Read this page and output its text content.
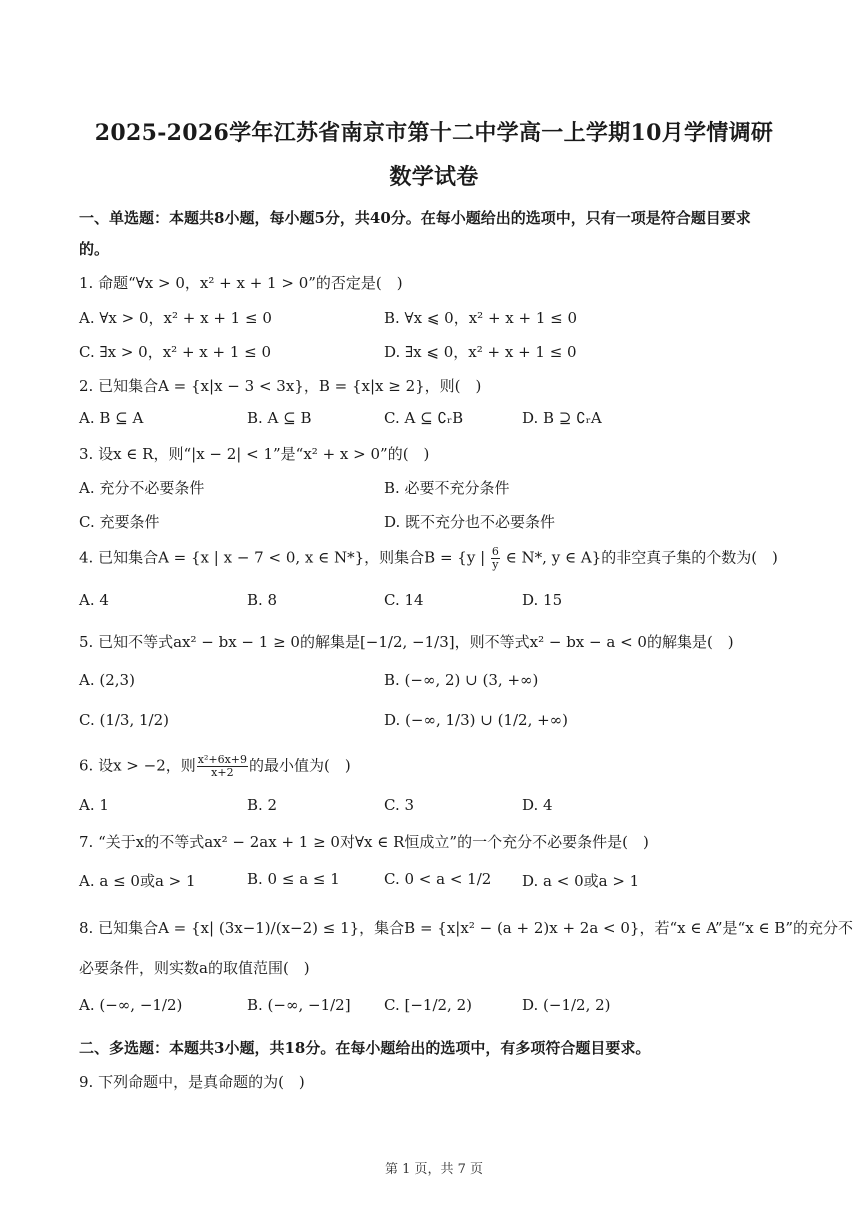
2025-2026学年江苏省南京市第十二中学高一上学期10月学情调研
数学试卷
一、单选题：本题共8小题，每小题5分，共40分。在每小题给出的选项中，只有一项是符合题目要求
的。
1. 命题“∀x > 0，x² + x + 1 > 0”的否定是(　)
A. ∀x > 0，x² + x + 1 ≤ 0	B. ∀x ⩽ 0，x² + x + 1 ≤ 0
C. ∃x > 0，x² + x + 1 ≤ 0	D. ∃x ⩽ 0，x² + x + 1 ≤ 0
2. 已知集合A = {x|x − 3 < 3x}，B = {x|x ≥ 2}，则(　)
A. B ⊆ A	B. A ⊆ B	C. A ⊆ ∁ᵣB	D. B ⊇ ∁ᵣA
3. 设x ∈ R，则“|x − 2| < 1”是“x² + x > 0”的(　)
A. 充分不必要条件	B. 必要不充分条件
C. 充要条件	D. 既不充分也不必要条件
4. 已知集合A = {x | x − 7 < 0, x ∈ N*}，则集合B = {y | $\frac{6}{y}$ ∈ N*, y ∈ A}的非空真子集的个数为(　)
A. 4	B. 8	C. 14	D. 15
5. 已知不等式ax² − bx − 1 ≥ 0的解集是[−1/2, −1/3]，则不等式x² − bx − a < 0的解集是(　)
A. (2,3)	B. (−∞, 2) ∪ (3, +∞)
C. (1/3, 1/2)	D. (−∞, 1/3) ∪ (1/2, +∞)
6. 设x > −2，则 $\frac{\text{x²+6x+9}}{x+2}$ 的最小值为(　)
A. 1	B. 2	C. 3	D. 4
7. “关于x的不等式ax² − 2ax + 1 ≥ 0对∀x ∈ R恒成立”的一个充分不必要条件是(　)
A. a ≤ 0或a > 1	B. 0 ≤ a ≤ 1	C. 0 < a < 1/2 D. a < 0或a > 1
8. 已知集合A = {x| (3x−1)/(x−2) ≤ 1}，集合B = {x|x² − (a + 2)x + 2a < 0}，若“x ∈ A”是“x ∈ B”的充分不
必要条件，则实数a的取值范围(　)
A. (−∞, −1/2)	B. (−∞, −1/2] C. [−1/2, 2)	D. (−1/2, 2)
二、多选题：本题共3小题，共18分。在每小题给出的选项中，有多项符合题目要求。
9. 下列命题中，是真命题的为(　)
第 1 页，共 7 页
